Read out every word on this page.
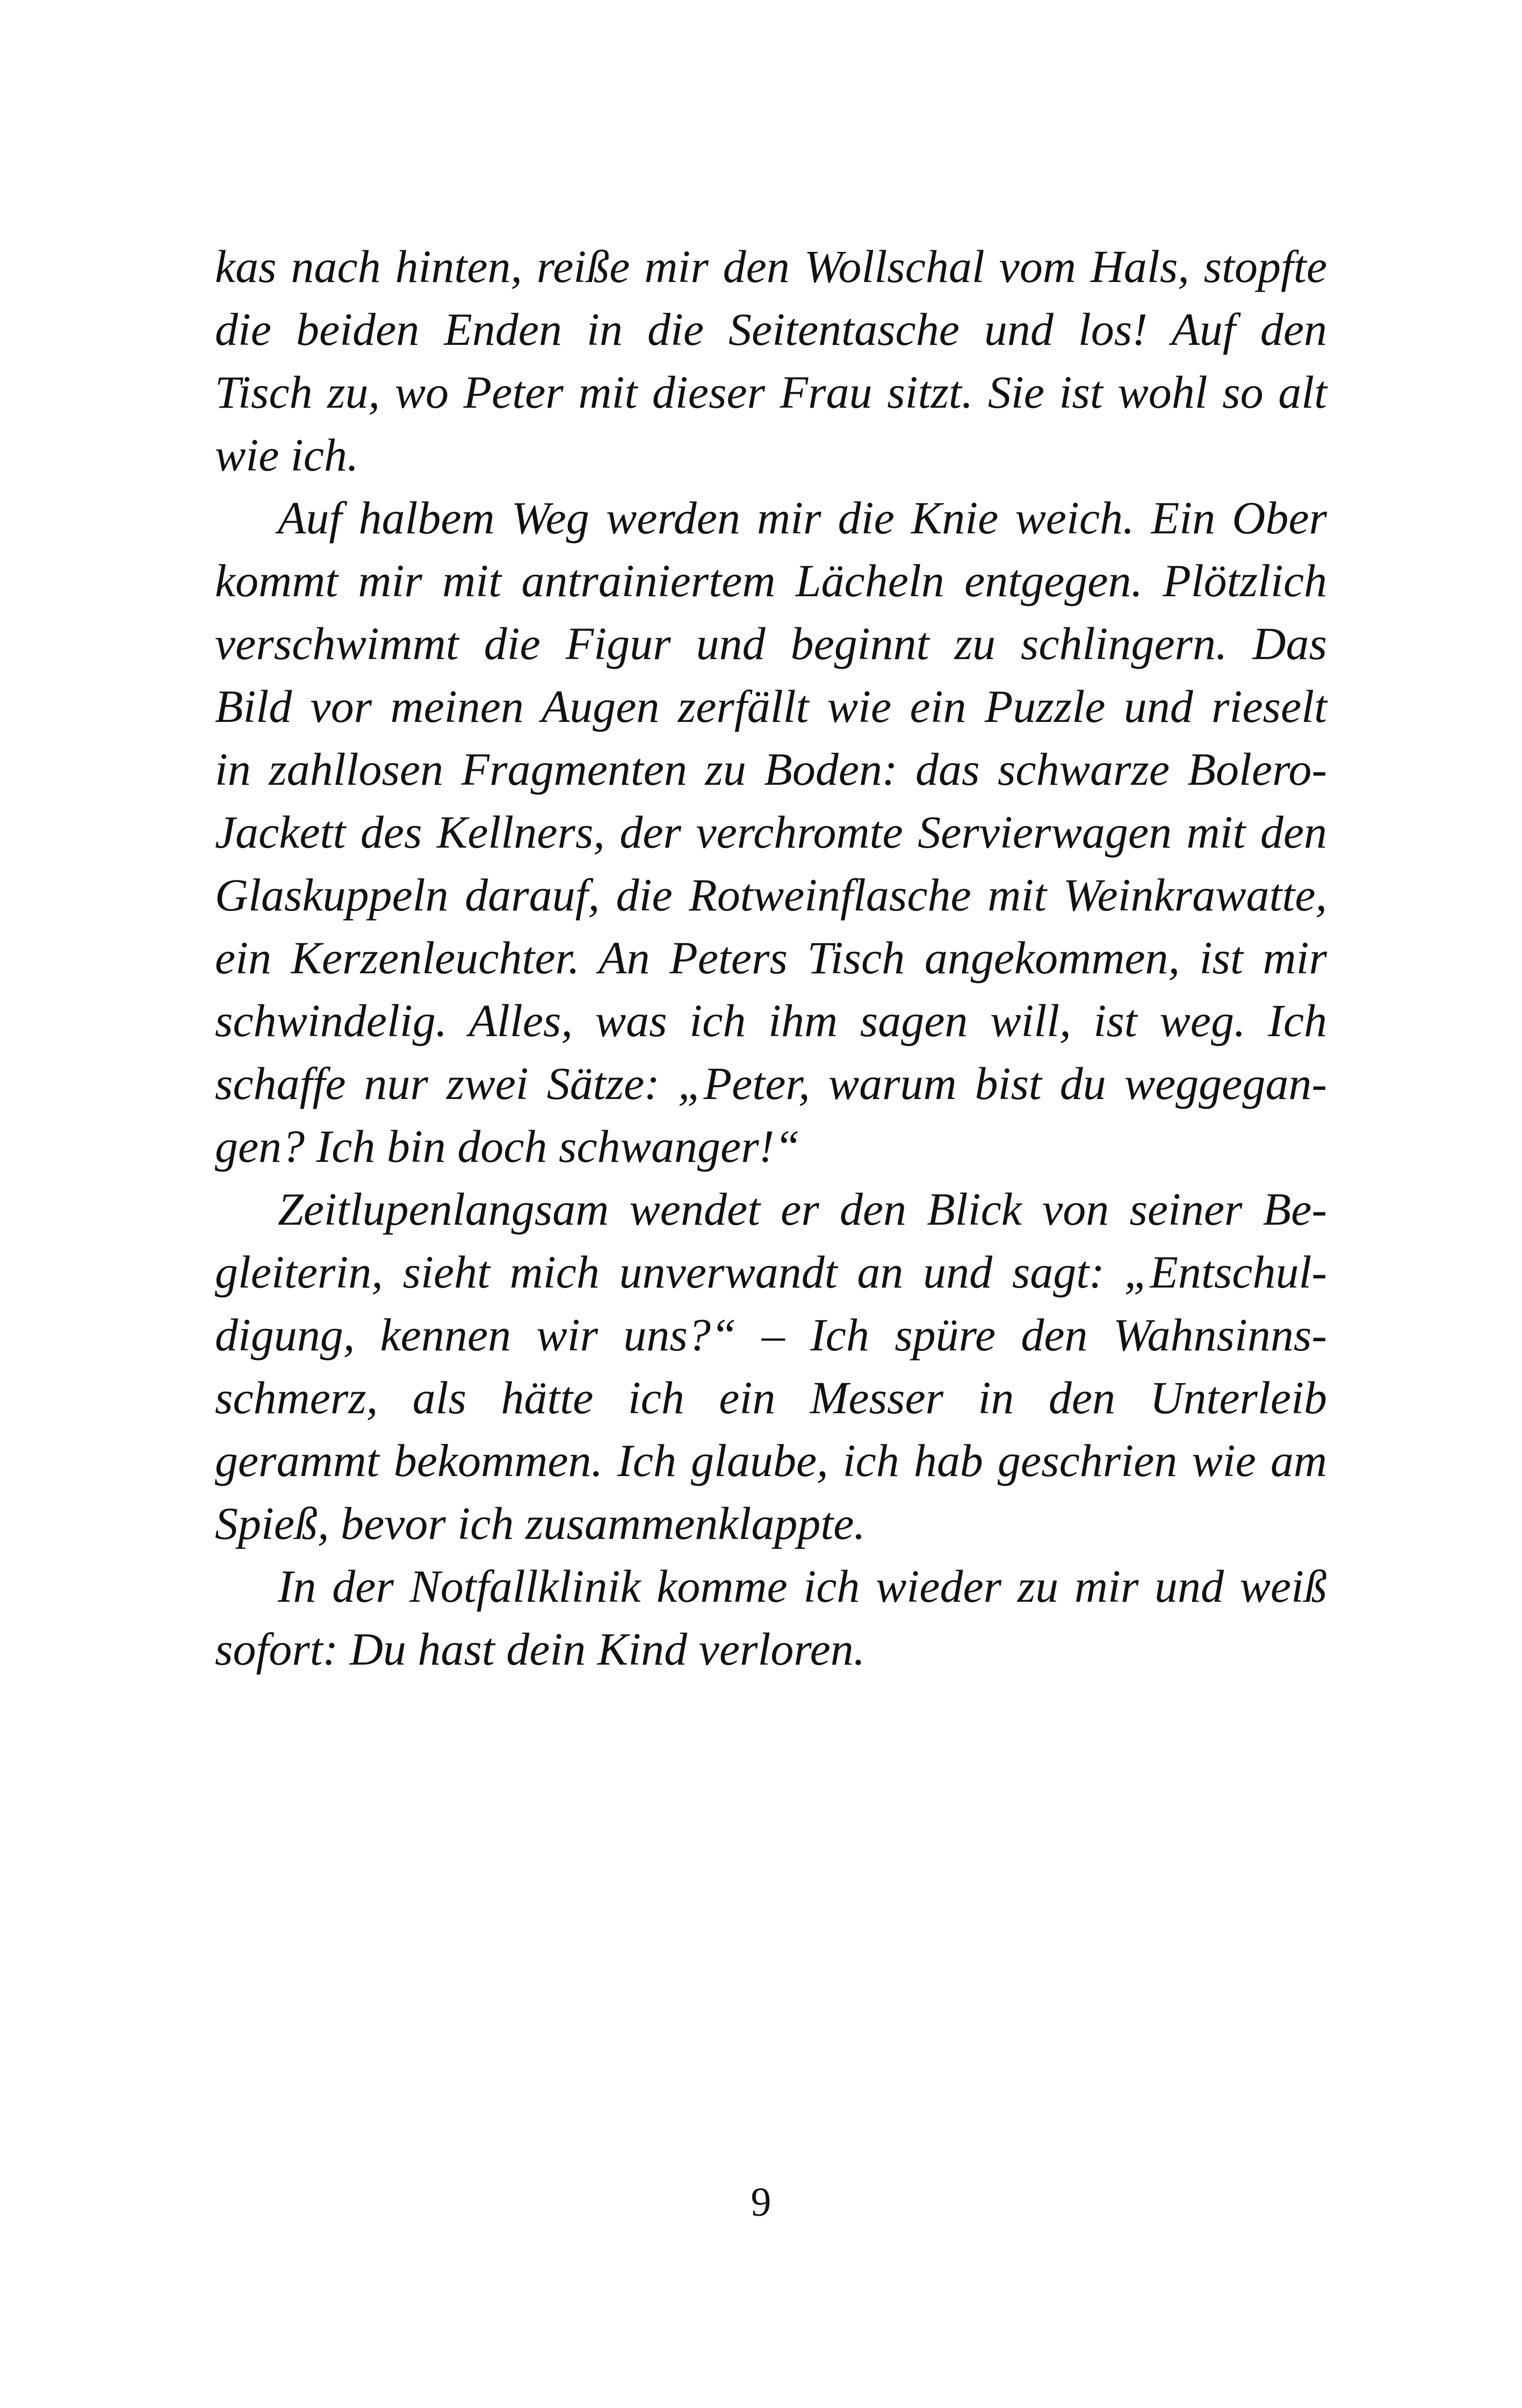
kas nach hinten, reiße mir den Wollschal vom Hals, stopfte
die beiden Enden in die Seitentasche und los! Auf den
Tisch zu, wo Peter mit dieser Frau sitzt. Sie ist wohl so alt
wie ich.

Auf halbem Weg werden mir die Knie weich. Ein Ober
kommt mir mit antrainiertem Lächeln entgegen. Plötzlich
verschwimmt die Figur und beginnt zu schlingern. Das
Bild vor meinen Augen zerfällt wie ein Puzzle und rieselt
in zahllosen Fragmenten zu Boden: das schwarze Bolero-
Jackett des Kellners, der verchromte Servierwagen mit den
Glaskuppeln darauf, die Rotweinflasche mit Weinkrawatte,
ein Kerzenleuchter. An Peters Tisch angekommen, ist mir
schwindelig. Alles, was ich ihm sagen will, ist weg. Ich
schaffe nur zwei Sätze: „Peter, warum bist du weggegan-
gen? Ich bin doch schwanger!“

Zeitlupenlangsam wendet er den Blick von seiner Be-
gleiterin, sieht mich unverwandt an und sagt: „Entschul-
digung, kennen wir uns?“ – Ich spüre den Wahnsinns-
schmerz, als hätte ich ein Messer in den Unterleib
gerammt bekommen. Ich glaube, ich hab geschrien wie am
Spieß, bevor ich zusammenklappte.

In der Notfallklinik komme ich wieder zu mir und weiß
sofort: Du hast dein Kind verloren.

9
